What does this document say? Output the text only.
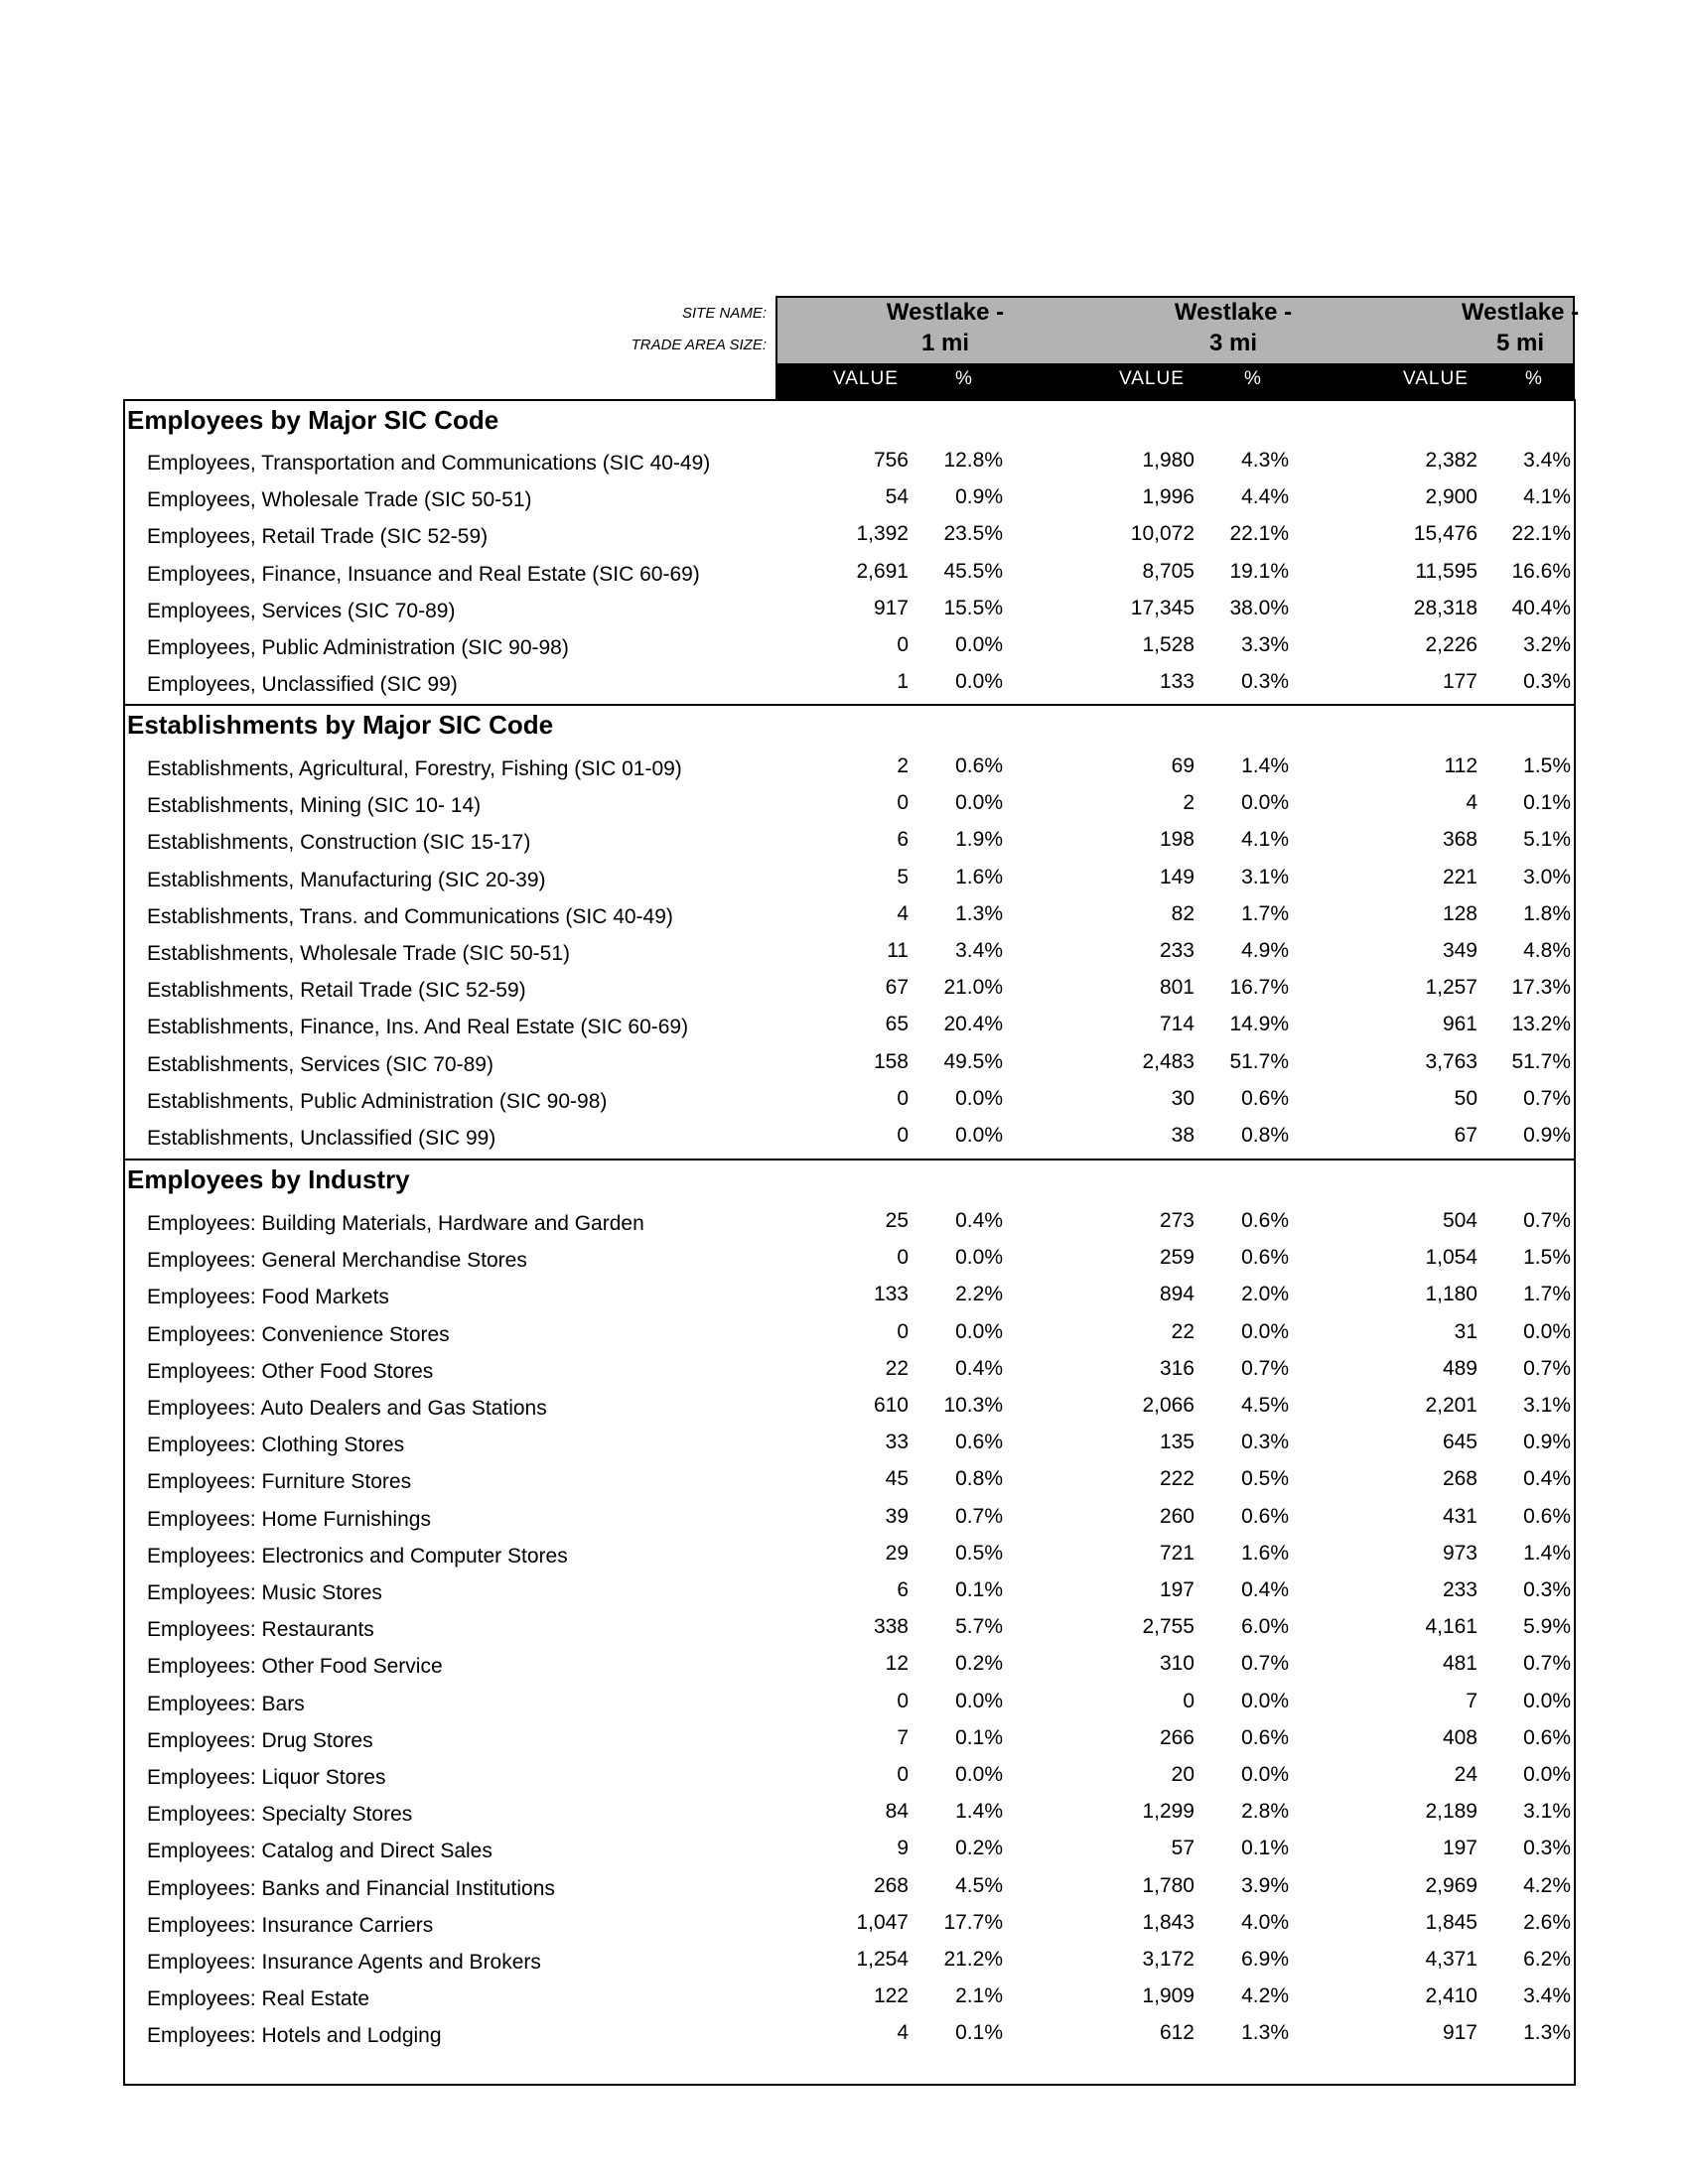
SITE NAME:
TRADE AREA SIZE:
Westlake -
1 mi
Westlake -
3 mi
Westlake -
5 mi
VALUE	%	VALUE	%	VALUE	%
Employees by Major SIC Code
Employees, Transportation and Communications (SIC 40-49)	756	12.8%	1,980	4.3%	2,382	3.4%
Employees, Wholesale Trade (SIC 50-51)	54	0.9%	1,996	4.4%	2,900	4.1%
Employees, Retail Trade (SIC 52-59)	1,392	23.5%	10,072	22.1%	15,476	22.1%
Employees, Finance, Insuance and Real Estate (SIC 60-69)	2,691	45.5%	8,705	19.1%	11,595	16.6%
Employees, Services (SIC 70-89)	917	15.5%	17,345	38.0%	28,318	40.4%
Employees, Public Administration (SIC 90-98)	0	0.0%	1,528	3.3%	2,226	3.2%
Employees, Unclassified (SIC 99)	1	0.0%	133	0.3%	177	0.3%
Establishments by Major SIC Code
Establishments, Agricultural, Forestry, Fishing (SIC 01-09)	2	0.6%	69	1.4%	112	1.5%
Establishments, Mining (SIC 10- 14)	0	0.0%	2	0.0%	4	0.1%
Establishments, Construction (SIC 15-17)	6	1.9%	198	4.1%	368	5.1%
Establishments, Manufacturing (SIC 20-39)	5	1.6%	149	3.1%	221	3.0%
Establishments, Trans. and Communications (SIC 40-49)	4	1.3%	82	1.7%	128	1.8%
Establishments, Wholesale Trade (SIC 50-51)	11	3.4%	233	4.9%	349	4.8%
Establishments, Retail Trade (SIC 52-59)	67	21.0%	801	16.7%	1,257	17.3%
Establishments, Finance, Ins. And Real Estate (SIC 60-69)	65	20.4%	714	14.9%	961	13.2%
Establishments, Services (SIC 70-89)	158	49.5%	2,483	51.7%	3,763	51.7%
Establishments, Public Administration (SIC 90-98)	0	0.0%	30	0.6%	50	0.7%
Establishments, Unclassified (SIC 99)	0	0.0%	38	0.8%	67	0.9%
Employees by Industry
Employees: Building Materials, Hardware and Garden	25	0.4%	273	0.6%	504	0.7%
Employees: General Merchandise Stores	0	0.0%	259	0.6%	1,054	1.5%
Employees: Food Markets	133	2.2%	894	2.0%	1,180	1.7%
Employees: Convenience Stores	0	0.0%	22	0.0%	31	0.0%
Employees: Other Food Stores	22	0.4%	316	0.7%	489	0.7%
Employees: Auto Dealers and Gas Stations	610	10.3%	2,066	4.5%	2,201	3.1%
Employees: Clothing Stores	33	0.6%	135	0.3%	645	0.9%
Employees: Furniture Stores	45	0.8%	222	0.5%	268	0.4%
Employees: Home Furnishings	39	0.7%	260	0.6%	431	0.6%
Employees: Electronics and Computer Stores	29	0.5%	721	1.6%	973	1.4%
Employees: Music Stores	6	0.1%	197	0.4%	233	0.3%
Employees: Restaurants	338	5.7%	2,755	6.0%	4,161	5.9%
Employees: Other Food Service	12	0.2%	310	0.7%	481	0.7%
Employees: Bars	0	0.0%	0	0.0%	7	0.0%
Employees: Drug Stores	7	0.1%	266	0.6%	408	0.6%
Employees: Liquor Stores	0	0.0%	20	0.0%	24	0.0%
Employees: Specialty Stores	84	1.4%	1,299	2.8%	2,189	3.1%
Employees: Catalog and Direct Sales	9	0.2%	57	0.1%	197	0.3%
Employees: Banks and Financial Institutions	268	4.5%	1,780	3.9%	2,969	4.2%
Employees: Insurance Carriers	1,047	17.7%	1,843	4.0%	1,845	2.6%
Employees: Insurance Agents and Brokers	1,254	21.2%	3,172	6.9%	4,371	6.2%
Employees: Real Estate	122	2.1%	1,909	4.2%	2,410	3.4%
Employees: Hotels and Lodging	4	0.1%	612	1.3%	917	1.3%
